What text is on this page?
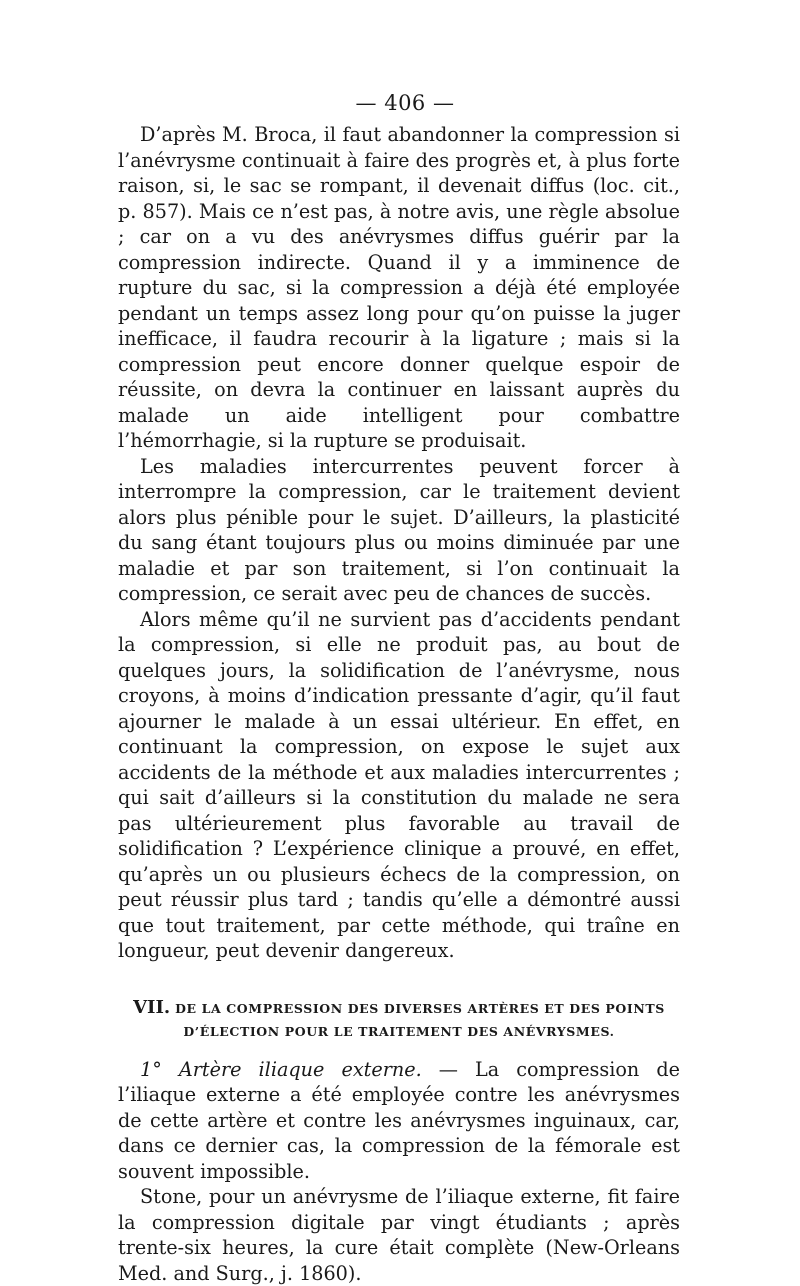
— 406 —

D’après M. Broca, il faut abandonner la compression si l’anévrysme continuait à faire des progrès et, à plus forte raison, si, le sac se rompant, il devenait diffus (loc. cit., p. 857). Mais ce n’est pas, à notre avis, une règle absolue ; car on a vu des anévrysmes diffus guérir par la compression indirecte. Quand il y a imminence de rupture du sac, si la compression a déjà été employée pendant un temps assez long pour qu’on puisse la juger inefficace, il faudra recourir à la ligature ; mais si la compression peut encore donner quelque espoir de réussite, on devra la continuer en laissant auprès du malade un aide intelligent pour combattre l’hémorrhagie, si la rupture se produisait.

Les maladies intercurrentes peuvent forcer à interrompre la compression, car le traitement devient alors plus pénible pour le sujet. D’ailleurs, la plasticité du sang étant toujours plus ou moins diminuée par une maladie et par son traitement, si l’on continuait la compression, ce serait avec peu de chances de succès.

Alors même qu’il ne survient pas d’accidents pendant la compression, si elle ne produit pas, au bout de quelques jours, la solidification de l’anévrysme, nous croyons, à moins d’indication pressante d’agir, qu’il faut ajourner le malade à un essai ultérieur. En effet, en continuant la compression, on expose le sujet aux accidents de la méthode et aux maladies intercurrentes ; qui sait d’ailleurs si la constitution du malade ne sera pas ultérieurement plus favorable au travail de solidification ? L’expérience clinique a prouvé, en effet, qu’après un ou plusieurs échecs de la compression, on peut réussir plus tard ; tandis qu’elle a démontré aussi que tout traitement, par cette méthode, qui traîne en longueur, peut devenir dangereux.

VII. DE LA COMPRESSION DES DIVERSES ARTÈRES ET DES POINTS
D’ÉLECTION POUR LE TRAITEMENT DES ANÉVRYSMES.

1° Artère iliaque externe. — La compression de l’iliaque externe a été employée contre les anévrysmes de cette artère et contre les anévrysmes inguinaux, car, dans ce dernier cas, la compression de la fémorale est souvent impossible.

Stone, pour un anévrysme de l’iliaque externe, fit faire la compression digitale par vingt étudiants ; après trente-six heures, la cure était complète (New-Orleans Med. and Surg., j. 1860).
